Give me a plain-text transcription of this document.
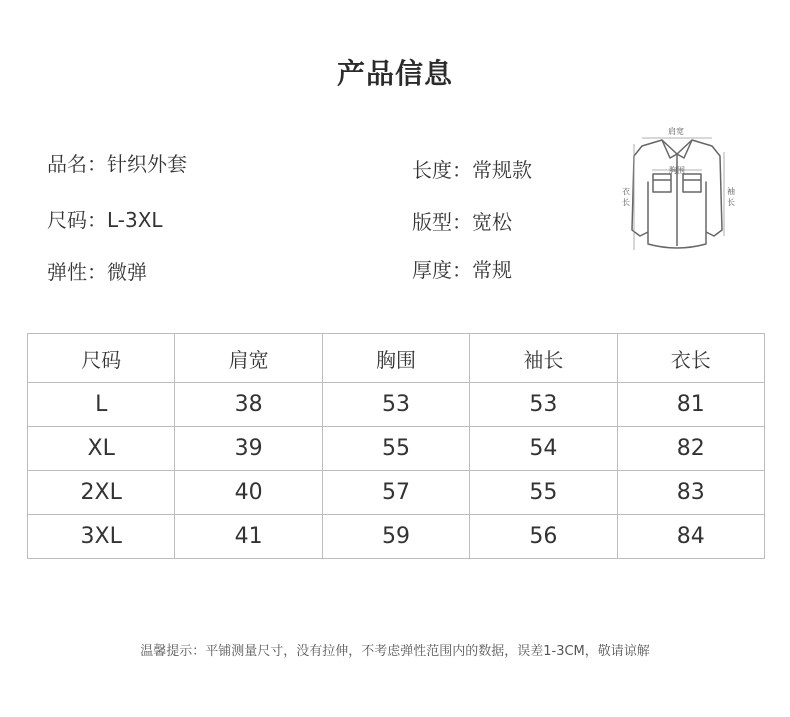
产品信息
品名：针织外套
尺码：L-3XL
弹性：微弹
长度：常规款
版型：宽松
厚度：常规
肩宽
胸围
衣
长
袖
长
尺码	肩宽	胸围	袖长	衣长
L	38	53	53	81
XL	39	55	54	82
2XL	40	57	55	83
3XL	41	59	56	84
温馨提示：平铺测量尺寸，没有拉伸，不考虑弹性范围内的数据，误差1-3CM，敬请谅解
